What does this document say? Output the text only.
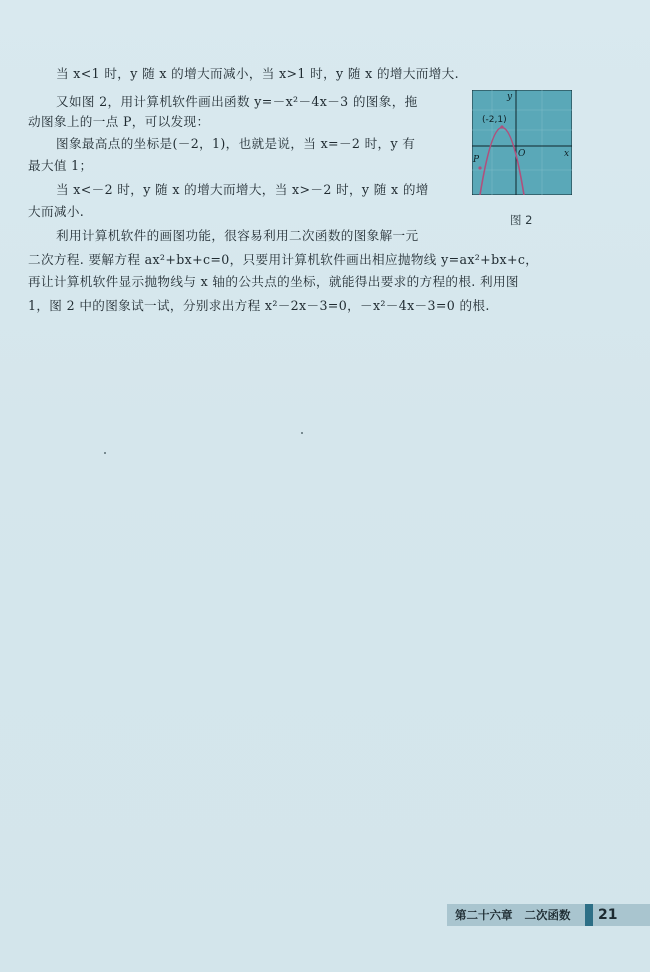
当 x<1 时，y 随 x 的增大而减小，当 x>1 时，y 随 x 的增大而增大.

又如图 2，用计算机软件画出函数 y=－x²－4x－3 的图象，拖

动图象上的一点 P，可以发现：

图象最高点的坐标是(－2，1)，也就是说，当 x=－2 时，y 有

最大值 1；

当 x<－2 时，y 随 x 的增大而增大，当 x>－2 时，y 随 x 的增

大而减小.

利用计算机软件的画图功能，很容易利用二次函数的图象解一元

二次方程. 要解方程 ax²+bx+c=0，只要用计算机软件画出相应抛物线 y=ax²+bx+c，

再让计算机软件显示抛物线与 x 轴的公共点的坐标，就能得出要求的方程的根. 利用图

1，图 2 中的图象试一试，分别求出方程 x²－2x－3=0，－x²－4x－3=0 的根.

(-2,1)
O	x
y
P
图 2
第二十六章	二次函数 21
